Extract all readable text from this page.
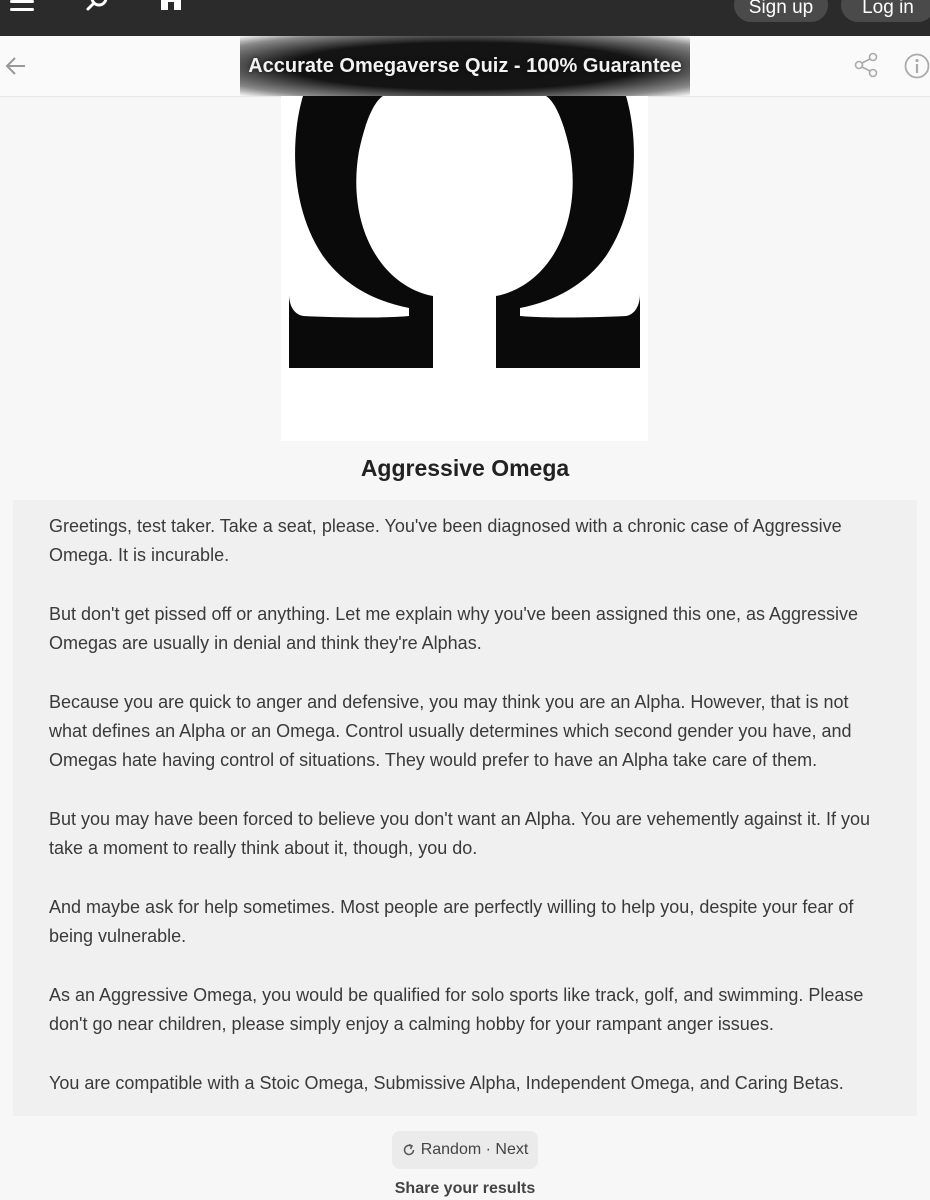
Sign up	Log in
Accurate Omegaverse Quiz - 100% Guarantee
Aggressive Omega

Greetings, test taker. Take a seat, please. You've been diagnosed with a chronic case of Aggressive Omega. It is incurable.

But don't get pissed off or anything. Let me explain why you've been assigned this one, as Aggressive Omegas are usually in denial and think they're Alphas.

Because you are quick to anger and defensive, you may think you are an Alpha. However, that is not what defines an Alpha or an Omega. Control usually determines which second gender you have, and Omegas hate having control of situations. They would prefer to have an Alpha take care of them.

But you may have been forced to believe you don't want an Alpha. You are vehemently against it. If you take a moment to really think about it, though, you do.

And maybe ask for help sometimes. Most people are perfectly willing to help you, despite your fear of being vulnerable.

As an Aggressive Omega, you would be qualified for solo sports like track, golf, and swimming. Please don't go near children, please simply enjoy a calming hobby for your rampant anger issues.

You are compatible with a Stoic Omega, Submissive Alpha, Independent Omega, and Caring Betas.

Random · Next
Share your results
